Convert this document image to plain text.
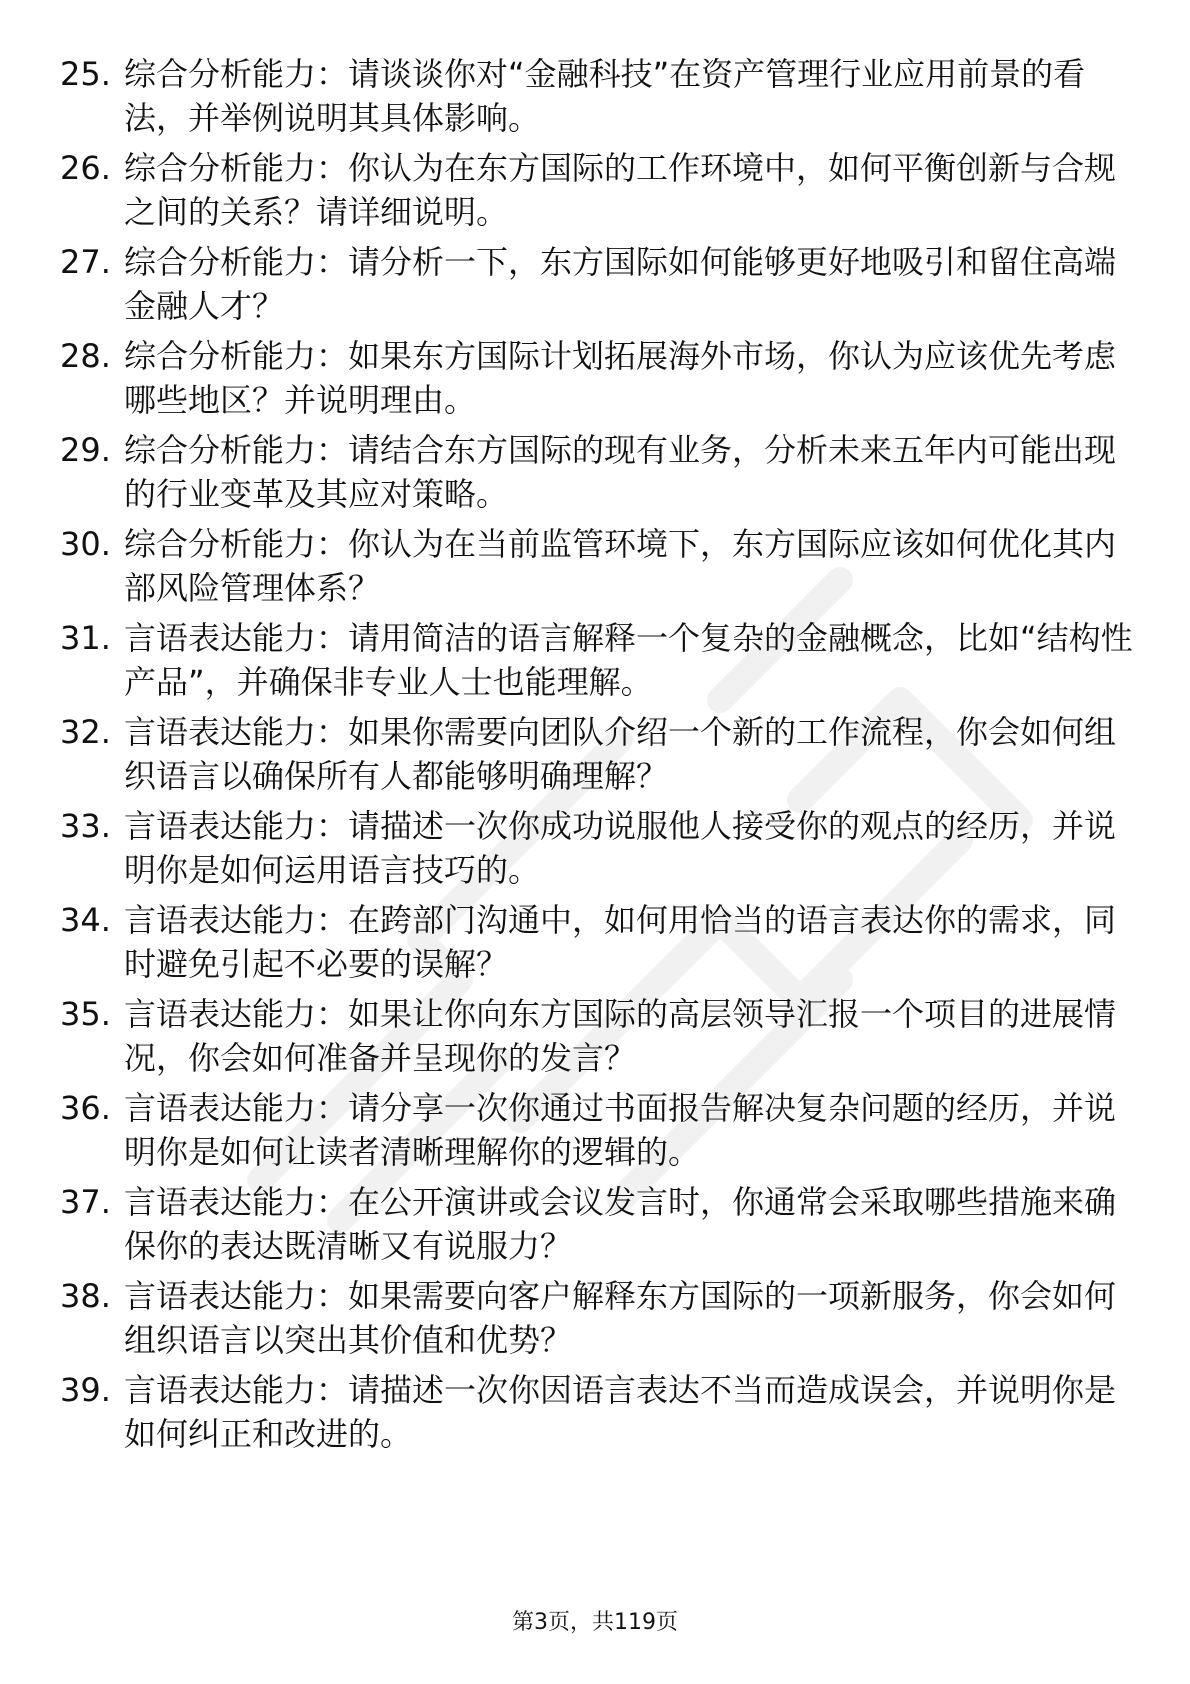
25. 综合分析能力：请谈谈你对“金融科技”在资产管理行业应用前景的看法，并举例说明其具体影响。
26. 综合分析能力：你认为在东方国际的工作环境中，如何平衡创新与合规之间的关系？请详细说明。
27. 综合分析能力：请分析一下，东方国际如何能够更好地吸引和留住高端金融人才？
28. 综合分析能力：如果东方国际计划拓展海外市场，你认为应该优先考虑哪些地区？并说明理由。
29. 综合分析能力：请结合东方国际的现有业务，分析未来五年内可能出现的行业变革及其应对策略。
30. 综合分析能力：你认为在当前监管环境下，东方国际应该如何优化其内部风险管理体系？
31. 言语表达能力：请用简洁的语言解释一个复杂的金融概念，比如“结构性产品”，并确保非专业人士也能理解。
32. 言语表达能力：如果你需要向团队介绍一个新的工作流程，你会如何组织语言以确保所有人都能够明确理解？
33. 言语表达能力：请描述一次你成功说服他人接受你的观点的经历，并说明你是如何运用语言技巧的。
34. 言语表达能力：在跨部门沟通中，如何用恰当的语言表达你的需求，同时避免引起不必要的误解？
35. 言语表达能力：如果让你向东方国际的高层领导汇报一个项目的进展情况，你会如何准备并呈现你的发言？
36. 言语表达能力：请分享一次你通过书面报告解决复杂问题的经历，并说明你是如何让读者清晰理解你的逻辑的。
37. 言语表达能力：在公开演讲或会议发言时，你通常会采取哪些措施来确保你的表达既清晰又有说服力？
38. 言语表达能力：如果需要向客户解释东方国际的一项新服务，你会如何组织语言以突出其价值和优势？
39. 言语表达能力：请描述一次你因语言表达不当而造成误会，并说明你是如何纠正和改进的。
第3页，共119页
